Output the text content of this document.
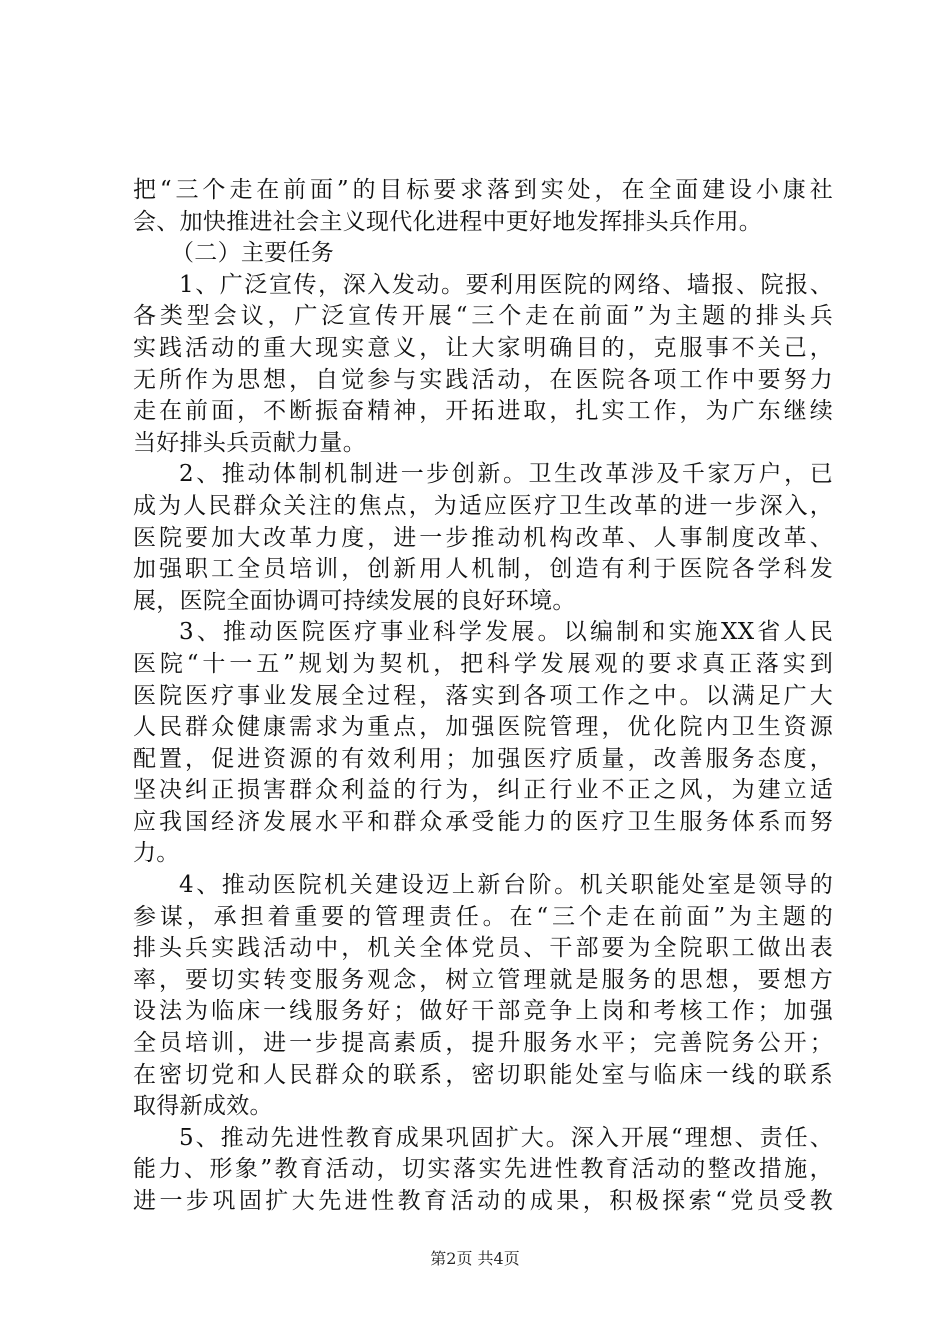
把“三个走在前面”的目标要求落到实处，在全面建设小康社
会、加快推进社会主义现代化进程中更好地发挥排头兵作用。
（二）主要任务
1、广泛宣传，深入发动。要利用医院的网络、墙报、院报、
各类型会议，广泛宣传开展“三个走在前面”为主题的排头兵
实践活动的重大现实意义，让大家明确目的，克服事不关己，
无所作为思想，自觉参与实践活动，在医院各项工作中要努力
走在前面，不断振奋精神，开拓进取，扎实工作，为广东继续
当好排头兵贡献力量。
2、推动体制机制进一步创新。卫生改革涉及千家万户，已
成为人民群众关注的焦点，为适应医疗卫生改革的进一步深入，
医院要加大改革力度，进一步推动机构改革、人事制度改革、
加强职工全员培训，创新用人机制，创造有利于医院各学科发
展，医院全面协调可持续发展的良好环境。
3、推动医院医疗事业科学发展。以编制和实施XX省人民
医院“十一五”规划为契机，把科学发展观的要求真正落实到
医院医疗事业发展全过程，落实到各项工作之中。以满足广大
人民群众健康需求为重点，加强医院管理，优化院内卫生资源
配置，促进资源的有效利用；加强医疗质量，改善服务态度，
坚决纠正损害群众利益的行为，纠正行业不正之风，为建立适
应我国经济发展水平和群众承受能力的医疗卫生服务体系而努
力。
4、推动医院机关建设迈上新台阶。机关职能处室是领导的
参谋，承担着重要的管理责任。在“三个走在前面”为主题的
排头兵实践活动中，机关全体党员、干部要为全院职工做出表
率，要切实转变服务观念，树立管理就是服务的思想，要想方
设法为临床一线服务好；做好干部竞争上岗和考核工作；加强
全员培训，进一步提高素质，提升服务水平；完善院务公开；
在密切党和人民群众的联系，密切职能处室与临床一线的联系
取得新成效。
5、推动先进性教育成果巩固扩大。深入开展“理想、责任、
能力、形象”教育活动，切实落实先进性教育活动的整改措施，
进一步巩固扩大先进性教育活动的成果，积极探索“党员受教
第2页 共4页
